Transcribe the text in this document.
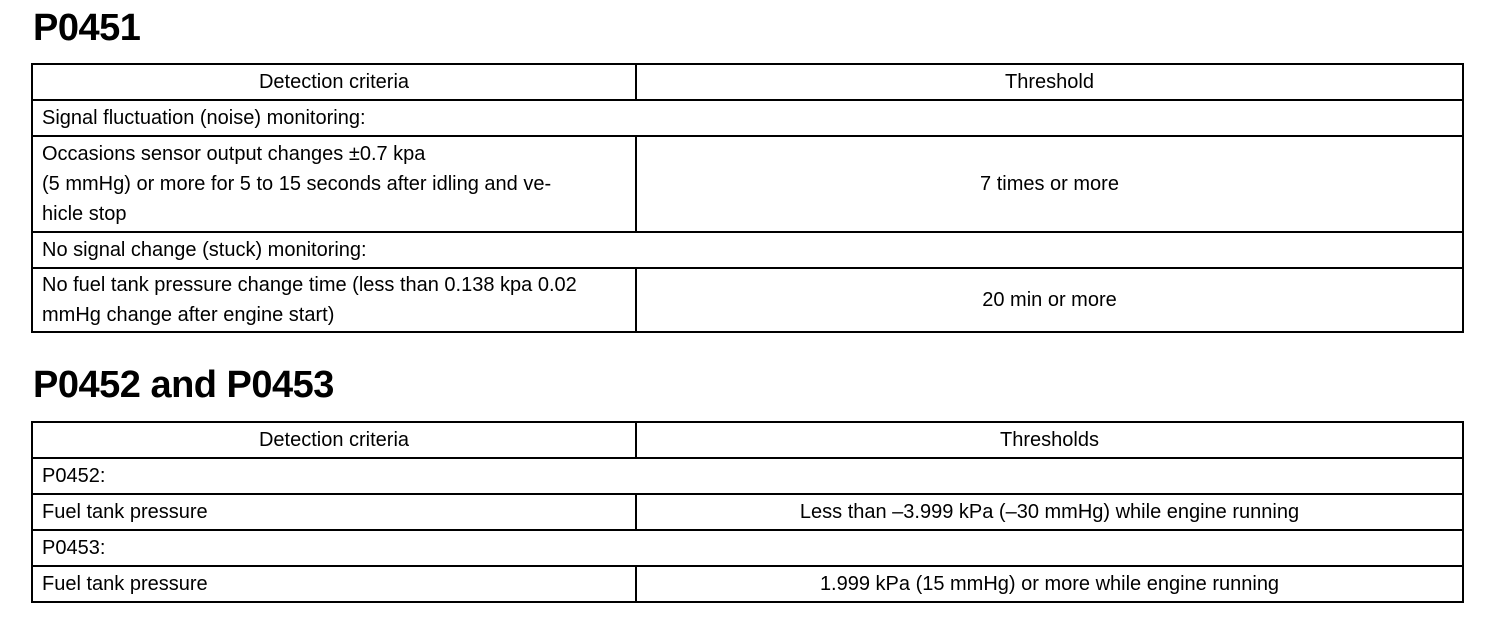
P0451
Detection criteria	Threshold
Signal fluctuation (noise) monitoring:	
Occasions sensor output changes ±0.7 kpa
(5 mmHg) or more for 5 to 15 seconds after idling and ve-
hicle stop	7 times or more
No signal change (stuck) monitoring:	
No fuel tank pressure change time (less than 0.138 kpa 0.02
mmHg change after engine start)	20 min or more
P0452 and P0453
Detection criteria	Thresholds
P0452:	
Fuel tank pressure	Less than –3.999 kPa (–30 mmHg) while engine running
P0453:	
Fuel tank pressure	1.999 kPa (15 mmHg) or more while engine running
